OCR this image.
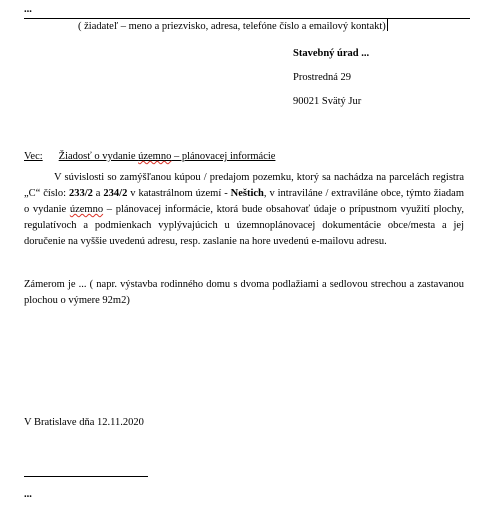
...
( žiadateľ – meno a priezvisko, adresa, telefóne číslo a emailový kontakt)
Stavebný úrad ...
Prostredná 29
90021 Svätý Jur
Vec: Žiadosť o vydanie územno – plánovacej informácie
V súvislosti so zamýšľanou kúpou / predajom pozemku, ktorý sa nachádza na parcelách registra „C“ číslo: 233/2 a 234/2 v katastrálnom území - Neštich, v intraviláne / extraviláne obce, týmto žiadam o vydanie územno – plánovacej informácie, ktorá bude obsahovať údaje o prípustnom využití plochy, regulatívoch a podmienkach vyplývajúcich u územnoplánovacej dokumentácie obce/mesta a jej doručenie na vyššie uvedenú adresu, resp. zaslanie na hore uvedenú e-mailovu adresu.
Zámerom je ... ( napr. výstavba rodinného domu s dvoma podlažiami a sedlovou strechou a zastavanou plochou o výmere 92m2)
V Bratislave dňa 12.11.2020
...
